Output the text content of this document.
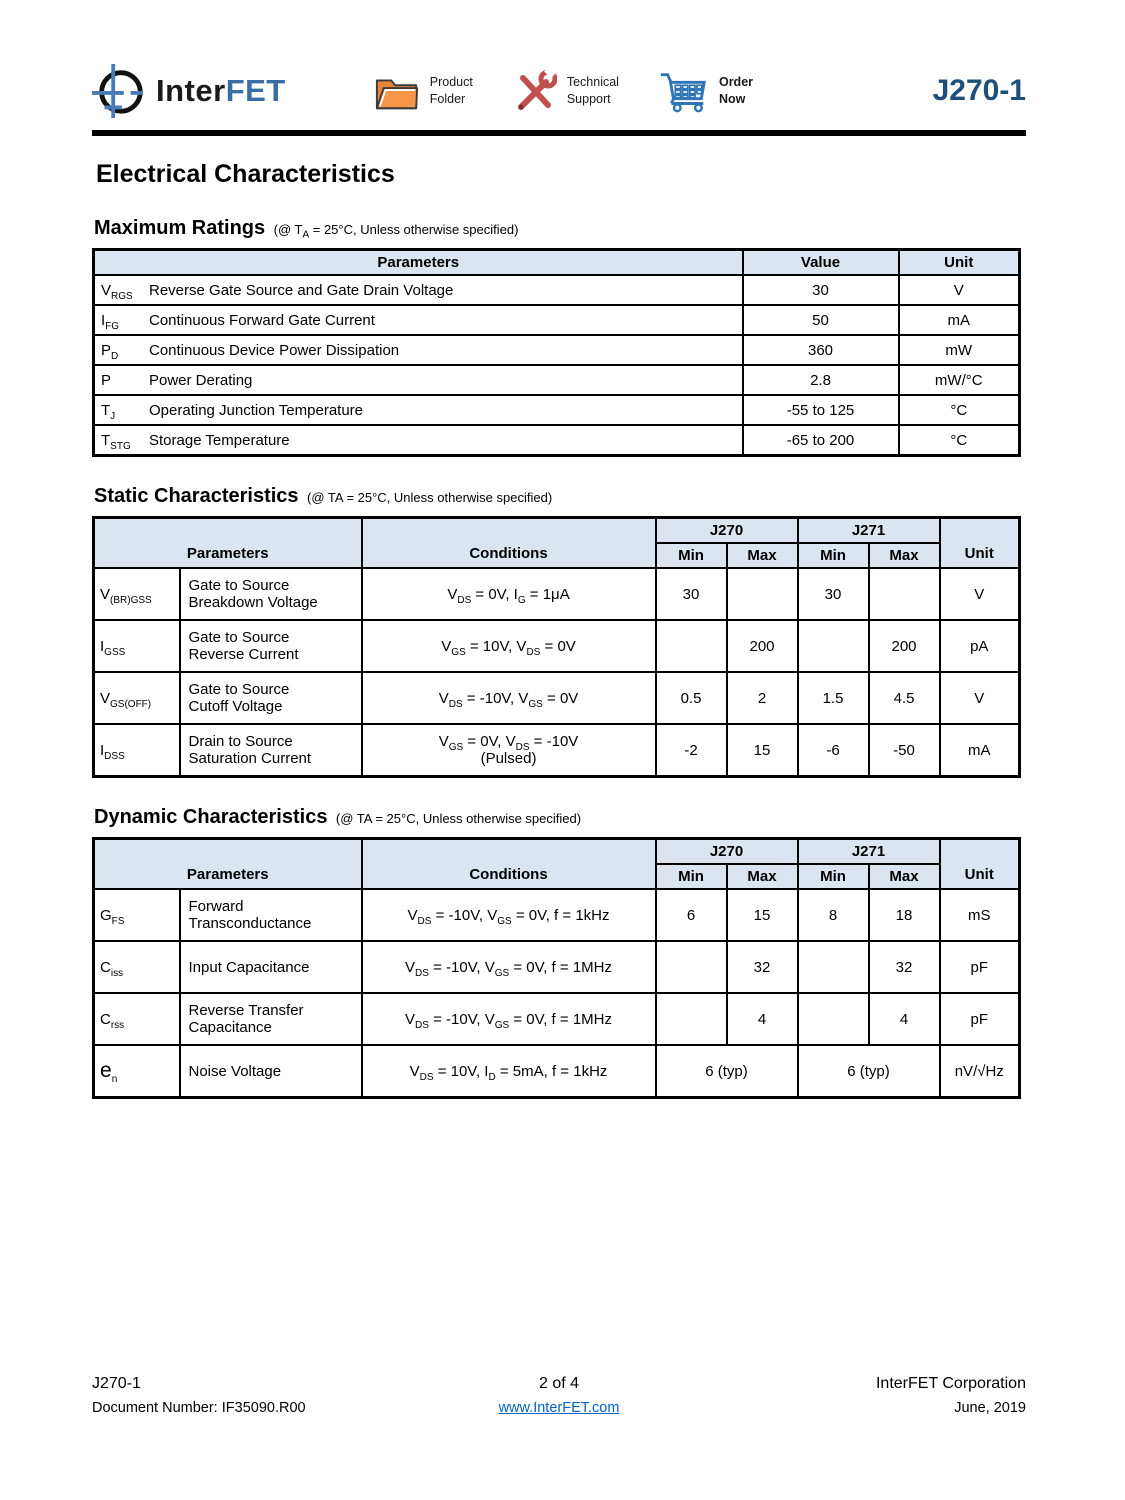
InterFET	Product
Folder
Technical
Support
Order
Now	J270-1
Electrical Characteristics
Maximum Ratings (@ $T_A = 25^\circ C$, Unless otherwise specified)
Parameters	Value	Unit

$V_{RGS}$ Reverse Gate Source and Gate Drain Voltage	30	V

$I_{FG}$ Continuous Forward Gate Current	50	mA

$P_D$ Continuous Device Power Dissipation	360	mW

P Power Derating	2.8	mW/°C

$T_J$ Operating Junction Temperature	-55 to 125	°C

$T_{STG}$ Storage Temperature	-65 to 200	°C
Static Characteristics (@ TA = 25°C, Unless otherwise specified)
Parameters		Conditions	J270		J271		Unit
			Min	Max	Min	Max	
$V_{(BR)GSS}$	Gate to Source
Breakdown Voltage	$V_{DS} = 0V$, $I_G = 1\mu A$	30		30		V
$I_{GSS}$	Gate to Source
Reverse Current	$V_{GS} = 10V$, $V_{DS} = 0V$		200		200	pA
$V_{GS(OFF)}$	Gate to Source
Cutoff Voltage	$V_{DS} = -10V$, $V_{GS} = 0V$	0.5	2	1.5	4.5	V
$I_{DSS}$	Drain to Source
Saturation Current	$V_{GS} = 0V$, $V_{DS} = -10V$
(Pulsed)	-2	15	-6	-50	mA
Dynamic Characteristics (@ TA = 25°C, Unless otherwise specified)
Parameters		Conditions	J270		J271		Unit
			Min	Max	Min	Max	
$G_{FS}$	Forward
Transconductance	$V_{DS} = -10V$, $V_{GS} = 0V$, f = 1kHz	6	15	8	18	mS
$C_{iss}$	Input Capacitance	$V_{DS} = -10V$, $V_{GS} = 0V$, f = 1MHz		32		32	pF
$C_{rss}$	Reverse Transfer
Capacitance	$V_{DS} = -10V$, $V_{GS} = 0V$, f = 1MHz		4		4	pF
$e_n$	Noise Voltage	$V_{DS} = 10V$, $I_D = 5mA$, f = 1kHz	6 (typ)		6 (typ)		nV/√Hz
J270-1
Document Number: IF35090.R00
2 of 4
www.InterFET.com
InterFET Corporation
June, 2019
